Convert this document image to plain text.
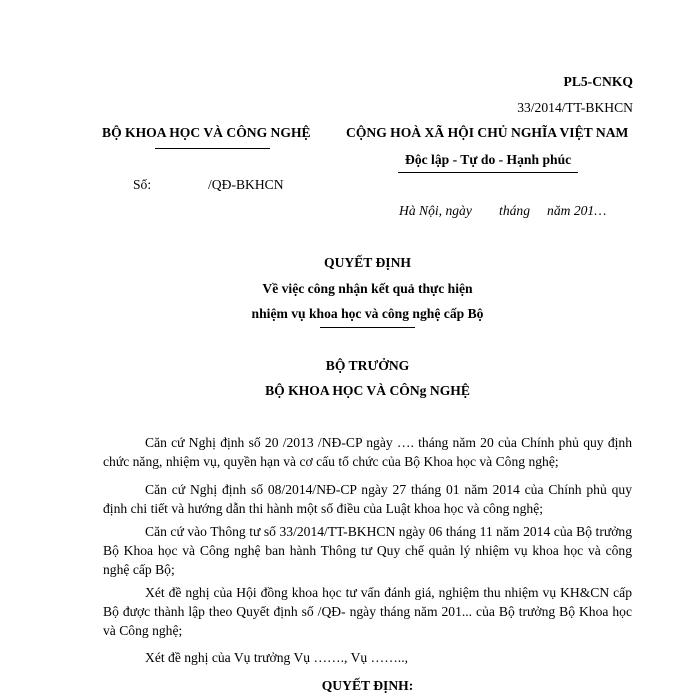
PL5-CNKQ
33/2014/TT-BKHCN
BỘ KHOA HỌC VÀ CÔNG NGHỆ	CỘNG HOÀ XÃ HỘI CHỦ NGHĨA VIỆT NAM
Độc lập - Tự do - Hạnh phúc
Số:	/QĐ-BKHCN
Hà Nội, ngày        tháng     năm 201…
QUYẾT ĐỊNH
Về việc công nhận kết quả thực hiện
nhiệm vụ khoa học và công nghệ cấp Bộ
BỘ TRƯỞNG
BỘ KHOA HỌC VÀ CÔNg NGHỆ

Căn cứ Nghị định số 20 /2013 /NĐ-CP ngày …. tháng năm 20 của Chính phủ quy định chức năng, nhiệm vụ, quyền hạn và cơ cấu tổ chức của Bộ Khoa học và Công nghệ;

Căn cứ Nghị định số 08/2014/NĐ-CP ngày 27 tháng 01 năm 2014 của Chính phủ quy định chi tiết và hướng dẫn thi hành một số điều của Luật khoa học và công nghệ;

Căn cứ vào Thông tư số 33/2014/TT-BKHCN ngày 06 tháng 11 năm 2014 của Bộ trưởng Bộ Khoa học và Công nghệ ban hành Thông tư Quy chế quản lý nhiệm vụ khoa học và công nghệ cấp Bộ;

Xét đề nghị của Hội đồng khoa học tư vấn đánh giá, nghiệm thu nhiệm vụ KH&CN cấp Bộ được thành lập theo Quyết định số /QĐ- ngày tháng năm 201... của Bộ trưởng Bộ Khoa học và Công nghệ;

Xét đề nghị của Vụ trưởng Vụ ……., Vụ ……..,

QUYẾT ĐỊNH:
